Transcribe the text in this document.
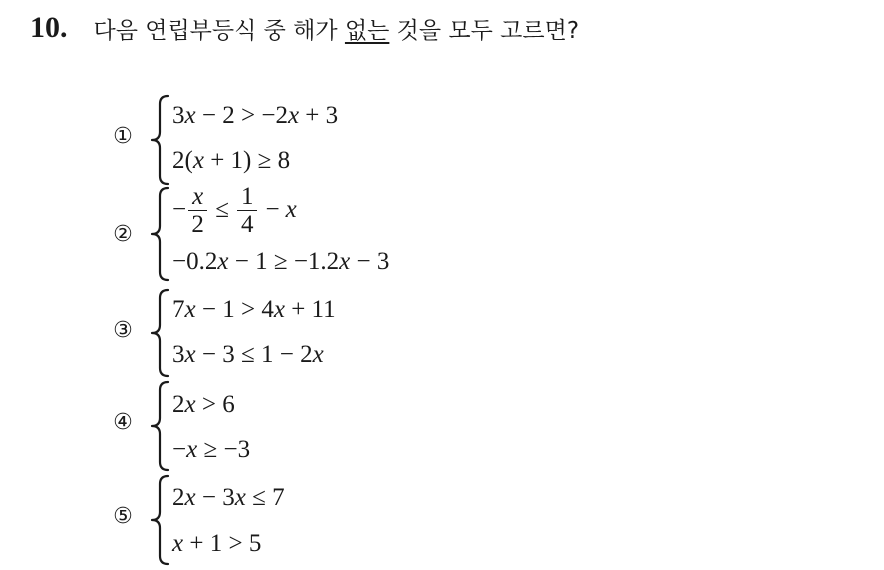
10. 다음 연립부등식 중 해가 없는 것을 모두 고르면?
①
3x − 2 > −2x + 3
2(x + 1) ≥ 8
②
− $\frac{x}{2} \le \frac{1}{4} - x$
−0.2x − 1 ≥ −1.2x − 3
③
7x − 1 > 4x + 11
3x − 3 ≤ 1 − 2x
④
2x > 6
−x ≥ −3
⑤
2x − 3x ≤ 7
x + 1 > 5
